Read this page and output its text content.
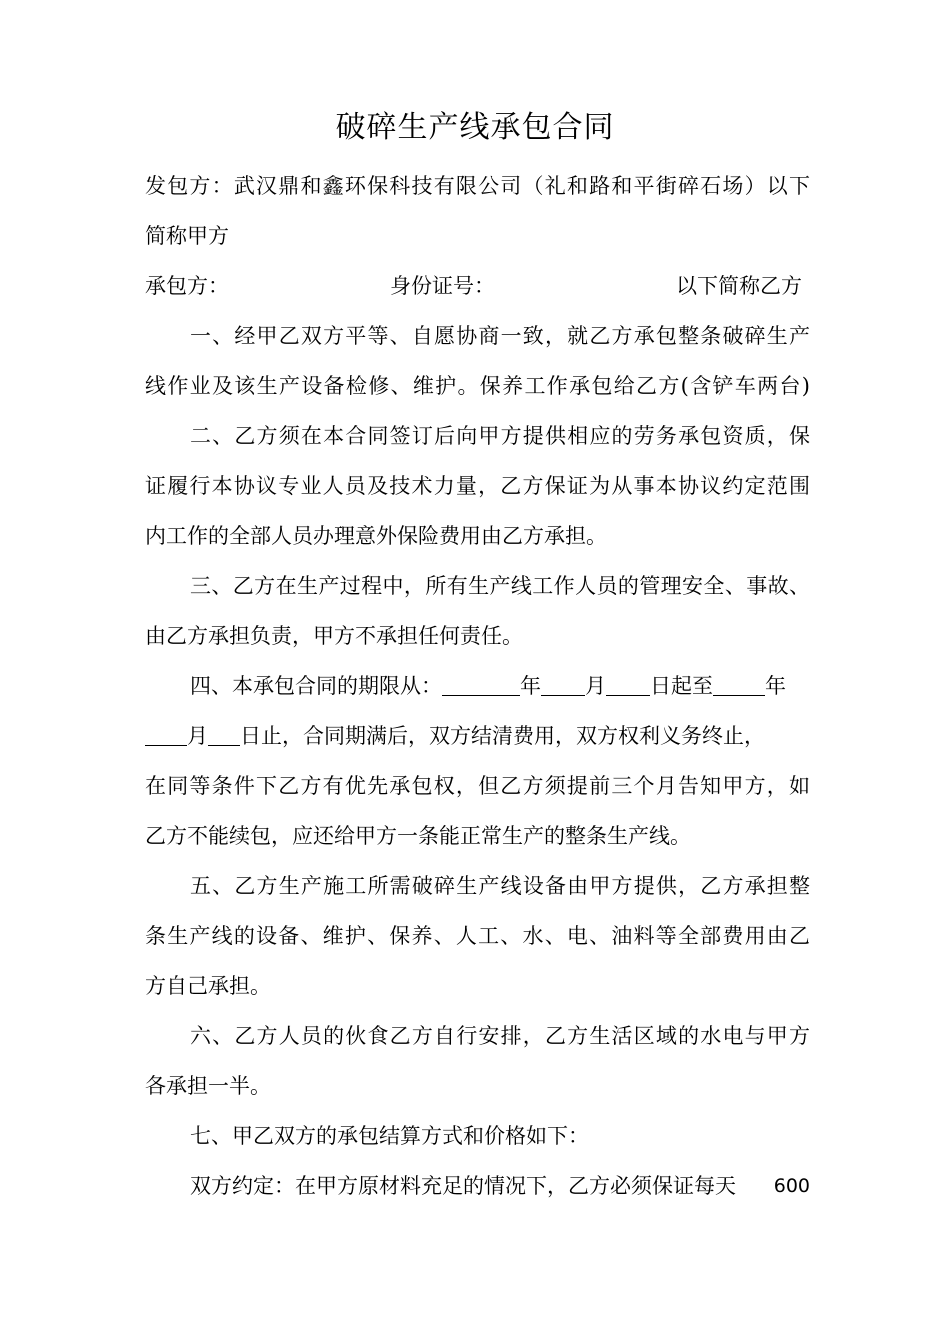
破碎生产线承包合同
发包方：武汉鼎和鑫环保科技有限公司（礼和路和平街碎石场）以下
简称甲方
承包方：	身份证号：	以下简称乙方
一、经甲乙双方平等、自愿协商一致，就乙方承包整条破碎生产
线作业及该生产设备检修、维护。保养工作承包给乙方(含铲车两台)
二、乙方须在本合同签订后向甲方提供相应的劳务承包资质，保
证履行本协议专业人员及技术力量，乙方保证为从事本协议约定范围
内工作的全部人员办理意外保险费用由乙方承担。
三、乙方在生产过程中，所有生产线工作人员的管理安全、事故、
由乙方承担负责，甲方不承担任何责任。
四、本承包合同的期限从：	年 月 日起至 年
月 日止，合同期满后，双方结清费用，双方权利义务终止，
在同等条件下乙方有优先承包权，但乙方须提前三个月告知甲方，如
乙方不能续包，应还给甲方一条能正常生产的整条生产线。
五、乙方生产施工所需破碎生产线设备由甲方提供，乙方承担整
条生产线的设备、维护、保养、人工、水、电、油料等全部费用由乙
方自己承担。
六、乙方人员的伙食乙方自行安排，乙方生活区域的水电与甲方
各承担一半。
七、甲乙双方的承包结算方式和价格如下：
双方约定：在甲方原材料充足的情况下，乙方必须保证每天 600
